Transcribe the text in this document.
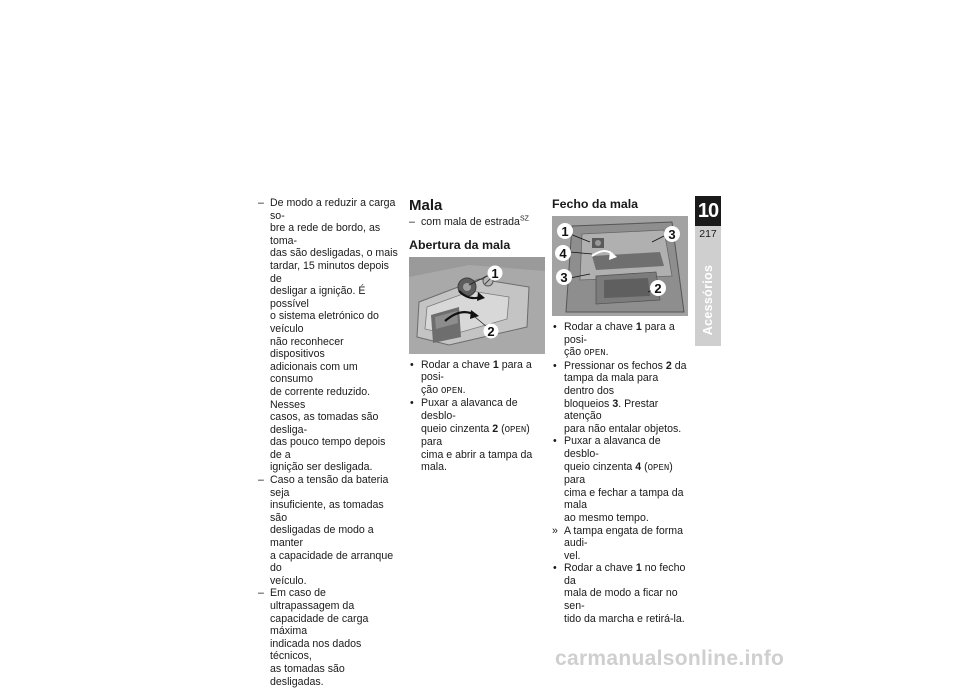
– De modo a reduzir a carga so-
bre a rede de bordo, as toma-
das são desligadas, o mais
tardar, 15 minutos depois de
desligar a ignição. É possível
o sistema eletrónico do veículo
não reconhecer dispositivos
adicionais com um consumo
de corrente reduzido. Nesses
casos, as tomadas são desliga-
das pouco tempo depois de a
ignição ser desligada.

– Caso a tensão da bateria seja
insuficiente, as tomadas são
desligadas de modo a manter
a capacidade de arranque do
veículo.

– Em caso de ultrapassagem da
capacidade de carga máxima
indicada nos dados técnicos,
as tomadas são desligadas.

Mala

– com mala de estrada$^{SZ}$

Abertura da mala
1
2

• Rodar a chave 1 para a posi-
ção OPEN.

• Puxar a alavanca de desblo-
queio cinzenta 2 (OPEN) para
cima e abrir a tampa da mala.

Fecho da mala
1
4
3
3
2

• Rodar a chave 1 para a posi-
ção OPEN.

• Pressionar os fechos 2 da
tampa da mala para dentro dos
bloqueios 3. Prestar atenção
para não entalar objetos.

• Puxar a alavanca de desblo-
queio cinzenta 4 (OPEN) para
cima e fechar a tampa da mala
ao mesmo tempo.

» A tampa engata de forma audi-
vel.

• Rodar a chave 1 no fecho da
mala de modo a ficar no sen-
tido da marcha e retirá-la.

10
217
Acessórios
carmanualsonline.info
